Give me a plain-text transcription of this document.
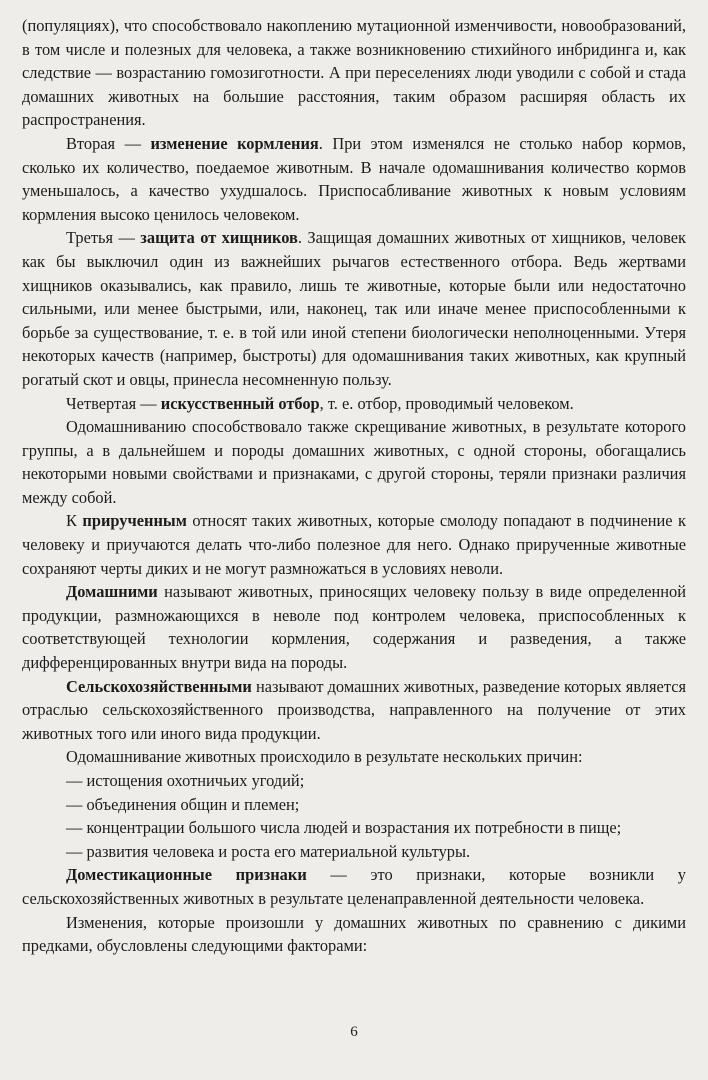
(популяциях), что способствовало накоплению мутационной изменчивости, новообразований, в том числе и полезных для человека, а также возникновению стихийного инбридинга и, как следствие — возрастанию гомозиготности. А при переселениях люди уводили с собой и стада домашних животных на большие расстояния, таким образом расширяя область их распространения.

Вторая — изменение кормления. При этом изменялся не столько набор кормов, сколько их количество, поедаемое животным. В начале одомашнивания количество кормов уменьшалось, а качество ухудшалось. Приспосабливание животных к новым условиям кормления высоко ценилось человеком.

Третья — защита от хищников. Защищая домашних животных от хищников, человек как бы выключил один из важнейших рычагов естественного отбора. Ведь жертвами хищников оказывались, как правило, лишь те животные, которые были или недостаточно сильными, или менее быстрыми, или, наконец, так или иначе менее приспособленными к борьбе за существование, т. е. в той или иной степени биологически неполноценными. Утеря некоторых качеств (например, быстроты) для одомашнивания таких животных, как крупный рогатый скот и овцы, принесла несомненную пользу.

Четвертая — искусственный отбор, т. е. отбор, проводимый человеком.

Одомашниванию способствовало также скрещивание животных, в результате которого группы, а в дальнейшем и породы домашних животных, с одной стороны, обогащались некоторыми новыми свойствами и признаками, с другой стороны, теряли признаки различия между собой.

К прирученным относят таких животных, которые смолоду попадают в подчинение к человеку и приучаются делать что-либо полезное для него. Однако прирученные животные сохраняют черты диких и не могут размножаться в условиях неволи.

Домашними называют животных, приносящих человеку пользу в виде определенной продукции, размножающихся в неволе под контролем человека, приспособленных к соответствующей технологии кормления, содержания и разведения, а также дифференцированных внутри вида на породы.

Сельскохозяйственными называют домашних животных, разведение которых является отраслью сельскохозяйственного производства, направленного на получение от этих животных того или иного вида продукции.

Одомашнивание животных происходило в результате нескольких причин:

— истощения охотничьих угодий;

— объединения общин и племен;

— концентрации большого числа людей и возрастания их потребности в пище;

— развития человека и роста его материальной культуры.

Доместикационные признаки — это признаки, которые возникли у сельскохозяйственных животных в результате целенаправленной деятельности человека.

Изменения, которые произошли у домашних животных по сравнению с дикими предками, обусловлены следующими факторами:

6
